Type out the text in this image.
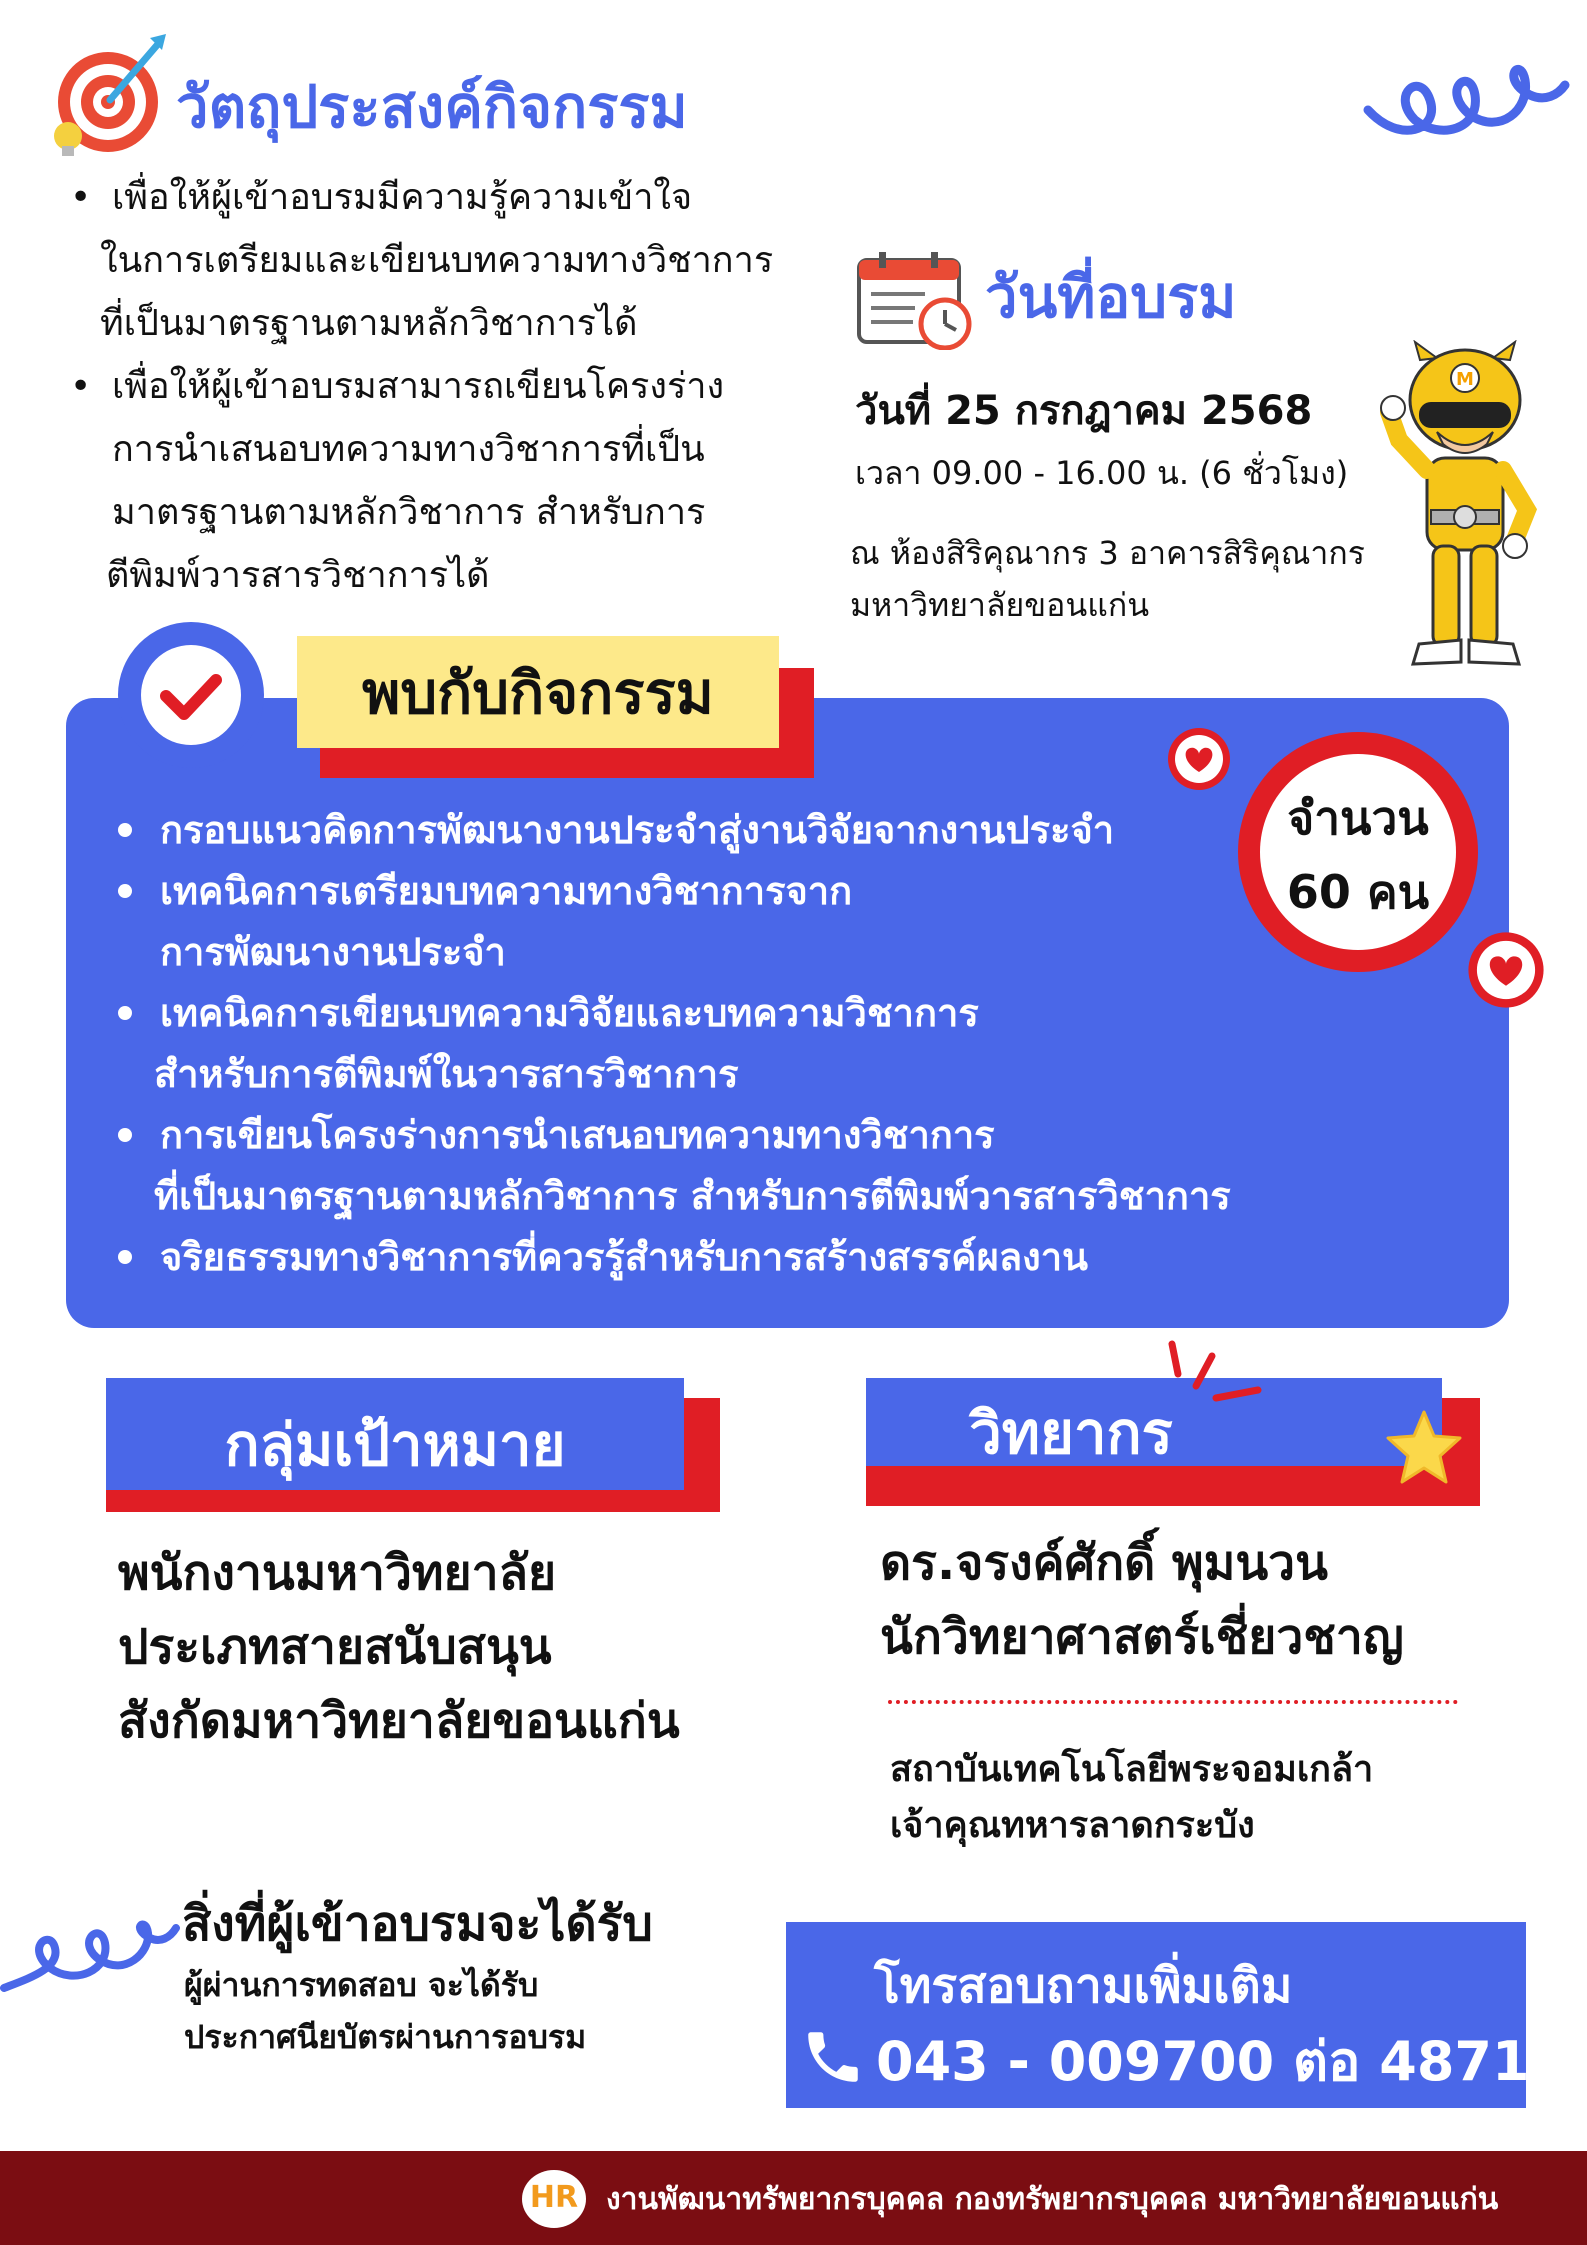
วัตถุประสงค์กิจกรรม
• เพื่อให้ผู้เข้าอบรมมีความรู้ความเข้าใจ
ในการเตรียมและเขียนบทความทางวิชาการ
ที่เป็นมาตรฐานตามหลักวิชาการได้
• เพื่อให้ผู้เข้าอบรมสามารถเขียนโครงร่าง
การนำเสนอบทความทางวิชาการที่เป็น
มาตรฐานตามหลักวิชาการ สำหรับการ
ตีพิมพ์วารสารวิชาการได้
วันที่อบรม
วันที่ 25 กรกฎาคม 2568
เวลา 09.00 - 16.00 น. (6 ชั่วโมง)
ณ ห้องสิริคุณากร 3 อาคารสิริคุณากร
มหาวิทยาลัยขอนแก่น
M
พบกับกิจกรรม
จำนวน
60 คน
กรอบแนวคิดการพัฒนางานประจำสู่งานวิจัยจากงานประจำ
เทคนิคการเตรียมบทความทางวิชาการจาก
การพัฒนางานประจำ
เทคนิคการเขียนบทความวิจัยและบทความวิชาการ
สำหรับการตีพิมพ์ในวารสารวิชาการ
การเขียนโครงร่างการนำเสนอบทความทางวิชาการ
ที่เป็นมาตรฐานตามหลักวิชาการ สำหรับการตีพิมพ์วารสารวิชาการ
จริยธรรมทางวิชาการที่ควรรู้สำหรับการสร้างสรรค์ผลงาน
กลุ่มเป้าหมาย
พนักงานมหาวิทยาลัย
ประเภทสายสนับสนุน
สังกัดมหาวิทยาลัยขอนแก่น
วิทยากร
ดร.จรงค์ศักดิ์ พุมนวน
นักวิทยาศาสตร์เชี่ยวชาญ
สถาบันเทคโนโลยีพระจอมเกล้า
เจ้าคุณทหารลาดกระบัง
สิ่งที่ผู้เข้าอบรมจะได้รับ
ผู้ผ่านการทดสอบ จะได้รับ
ประกาศนียบัตรผ่านการอบรม
โทรสอบถามเพิ่มเติม
043 - 009700 ต่อ 48713
HR งานพัฒนาทรัพยากรบุคคล กองทรัพยากรบุคคล มหาวิทยาลัยขอนแก่น
